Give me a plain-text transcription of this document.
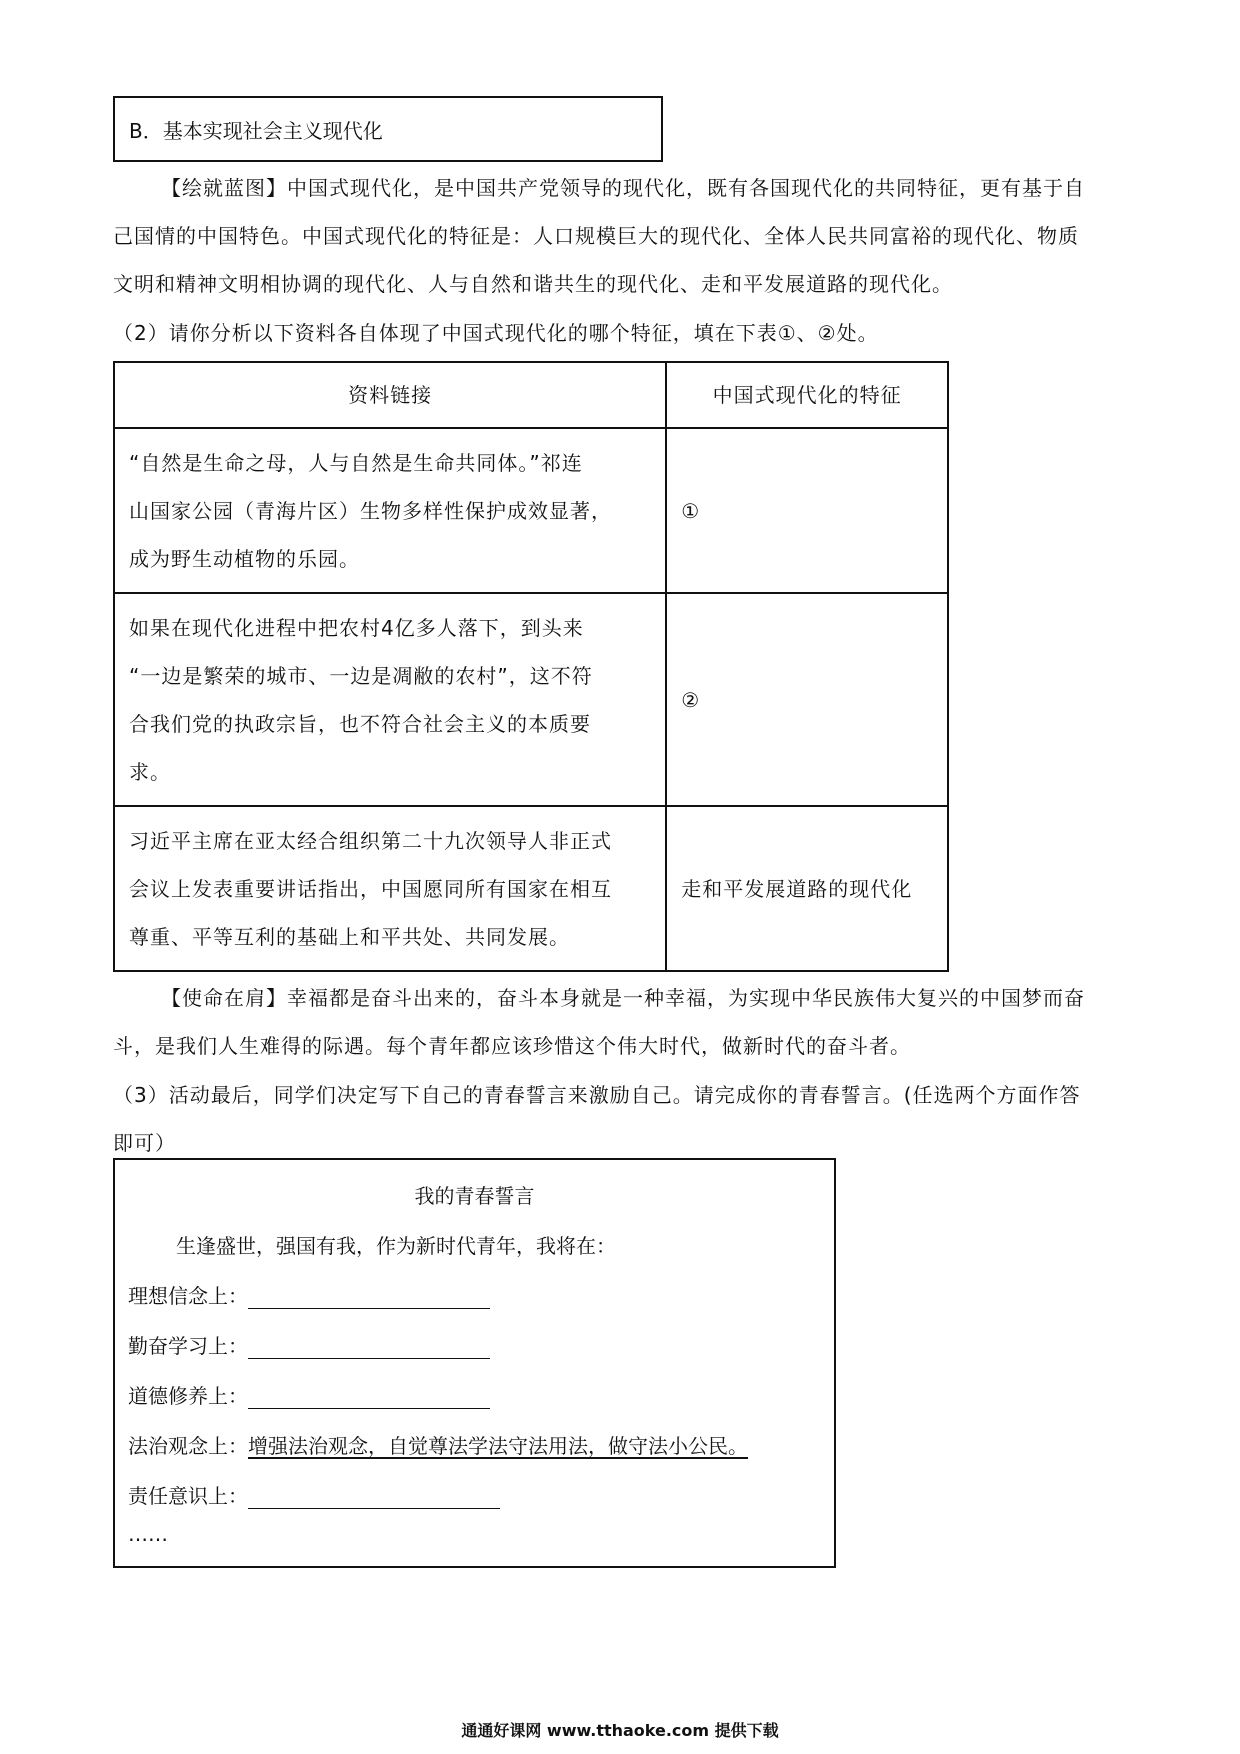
B．基本实现社会主义现代化
【绘就蓝图】中国式现代化，是中国共产党领导的现代化，既有各国现代化的共同特征，更有基于自
己国情的中国特色。中国式现代化的特征是：人口规模巨大的现代化、全体人民共同富裕的现代化、物质
文明和精神文明相协调的现代化、人与自然和谐共生的现代化、走和平发展道路的现代化。
（2）请你分析以下资料各自体现了中国式现代化的哪个特征，填在下表①、②处。
资料链接	中国式现代化的特征

“自然是生命之母，人与自然是生命共同体。”祁连
山国家公园（青海片区）生物多样性保护成效显著，
成为野生动植物的乐园。	①

如果在现代化进程中把农村4亿多人落下，到头来
“一边是繁荣的城市、一边是凋敝的农村”，这不符
合我们党的执政宗旨，也不符合社会主义的本质要
求。	②

习近平主席在亚太经合组织第二十九次领导人非正式
会议上发表重要讲话指出，中国愿同所有国家在相互
尊重、平等互利的基础上和平共处、共同发展。	走和平发展道路的现代化
【使命在肩】幸福都是奋斗出来的，奋斗本身就是一种幸福，为实现中华民族伟大复兴的中国梦而奋
斗，是我们人生难得的际遇。每个青年都应该珍惜这个伟大时代，做新时代的奋斗者。
（3）活动最后，同学们决定写下自己的青春誓言来激励自己。请完成你的青春誓言。(任选两个方面作答
即可）
我的青春誓言
生逢盛世，强国有我，作为新时代青年，我将在：
理想信念上：
勤奋学习上：
道德修养上：
法治观念上：增强法治观念，自觉尊法学法守法用法，做守法小公民。
责任意识上：
……
通通好课网 www.tthaoke.com 提供下载
